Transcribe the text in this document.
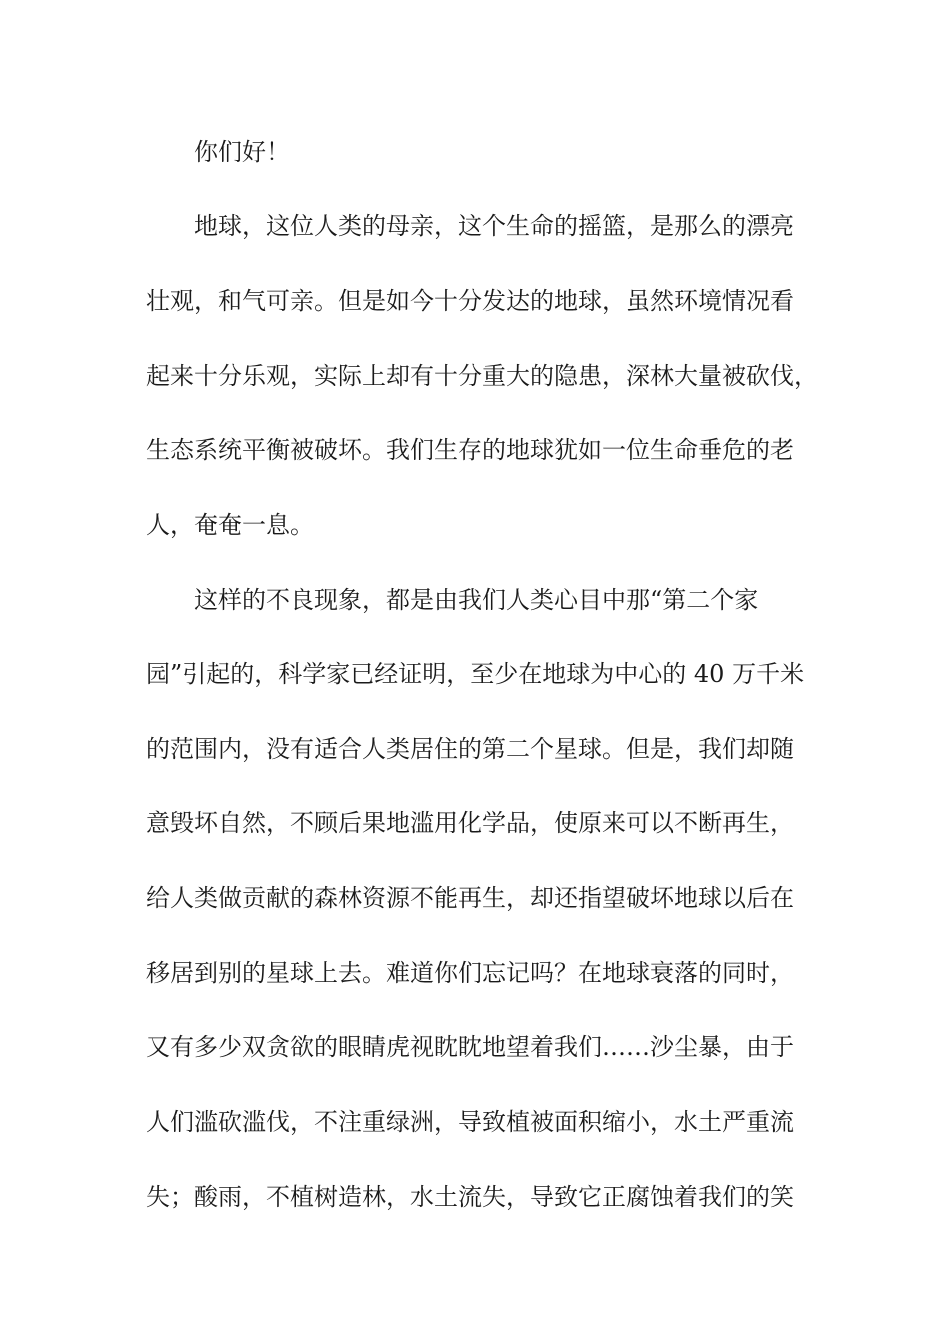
你们好！

地球，这位人类的母亲，这个生命的摇篮，是那么的漂亮

壮观，和气可亲。但是如今十分发达的地球，虽然环境情况看

起来十分乐观，实际上却有十分重大的隐患，深林大量被砍伐，

生态系统平衡被破坏。我们生存的地球犹如一位生命垂危的老

人，奄奄一息。

这样的不良现象，都是由我们人类心目中那“第二个家

园”引起的，科学家已经证明，至少在地球为中心的 40 万千米

的范围内，没有适合人类居住的第二个星球。但是，我们却随

意毁坏自然，不顾后果地滥用化学品，使原来可以不断再生，

给人类做贡献的森林资源不能再生，却还指望破坏地球以后在

移居到别的星球上去。难道你们忘记吗？在地球衰落的同时，

又有多少双贪欲的眼睛虎视眈眈地望着我们……沙尘暴，由于

人们滥砍滥伐，不注重绿洲，导致植被面积缩小，水土严重流

失；酸雨，不植树造林，水土流失，导致它正腐蚀着我们的笑
